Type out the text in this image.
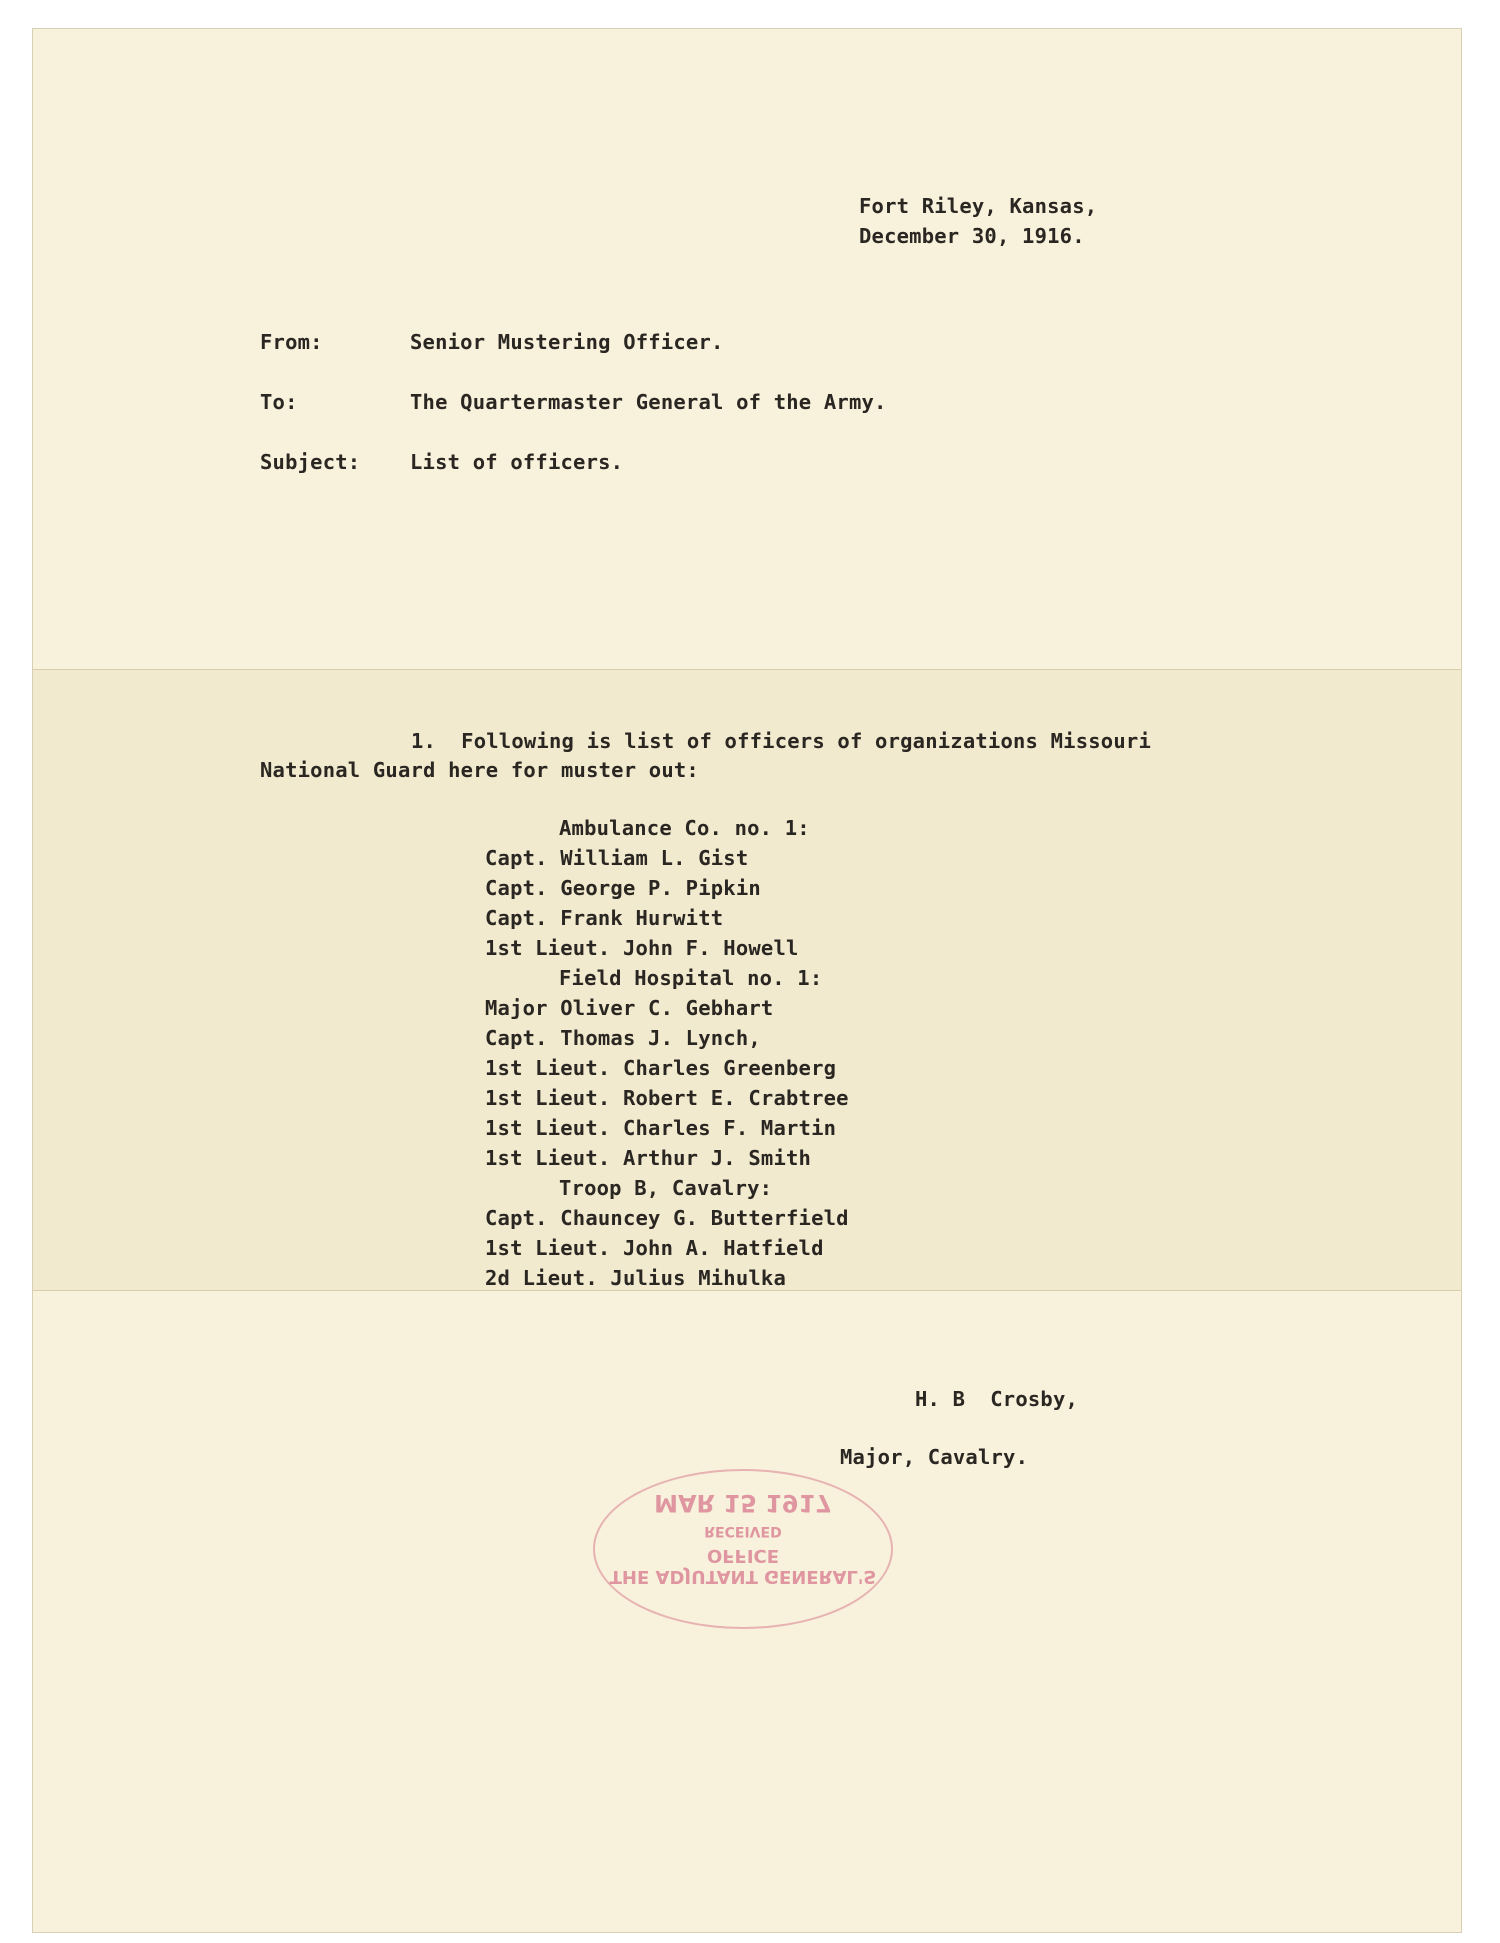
Fort Riley, Kansas,
December 30, 1916.
From:	Senior Mustering Officer.
To:	The Quartermaster General of the Army.
Subject: List of officers.
1.  Following is list of officers of organizations Missouri
National Guard here for muster out:
Ambulance Co. no. 1:
Capt. William L. Gist
Capt. George P. Pipkin
Capt. Frank Hurwitt
1st Lieut. John F. Howell
Field Hospital no. 1:
Major Oliver C. Gebhart
Capt. Thomas J. Lynch,
1st Lieut. Charles Greenberg
1st Lieut. Robert E. Crabtree
1st Lieut. Charles F. Martin
1st Lieut. Arthur J. Smith
Troop B, Cavalry:
Capt. Chauncey G. Butterfield
1st Lieut. John A. Hatfield
2d Lieut. Julius Mihulka
H. B  Crosby,
Major, Cavalry.
THE ADJUTANT GENERAL'S OFFICE
RECEIVED
MAR 15 1917
